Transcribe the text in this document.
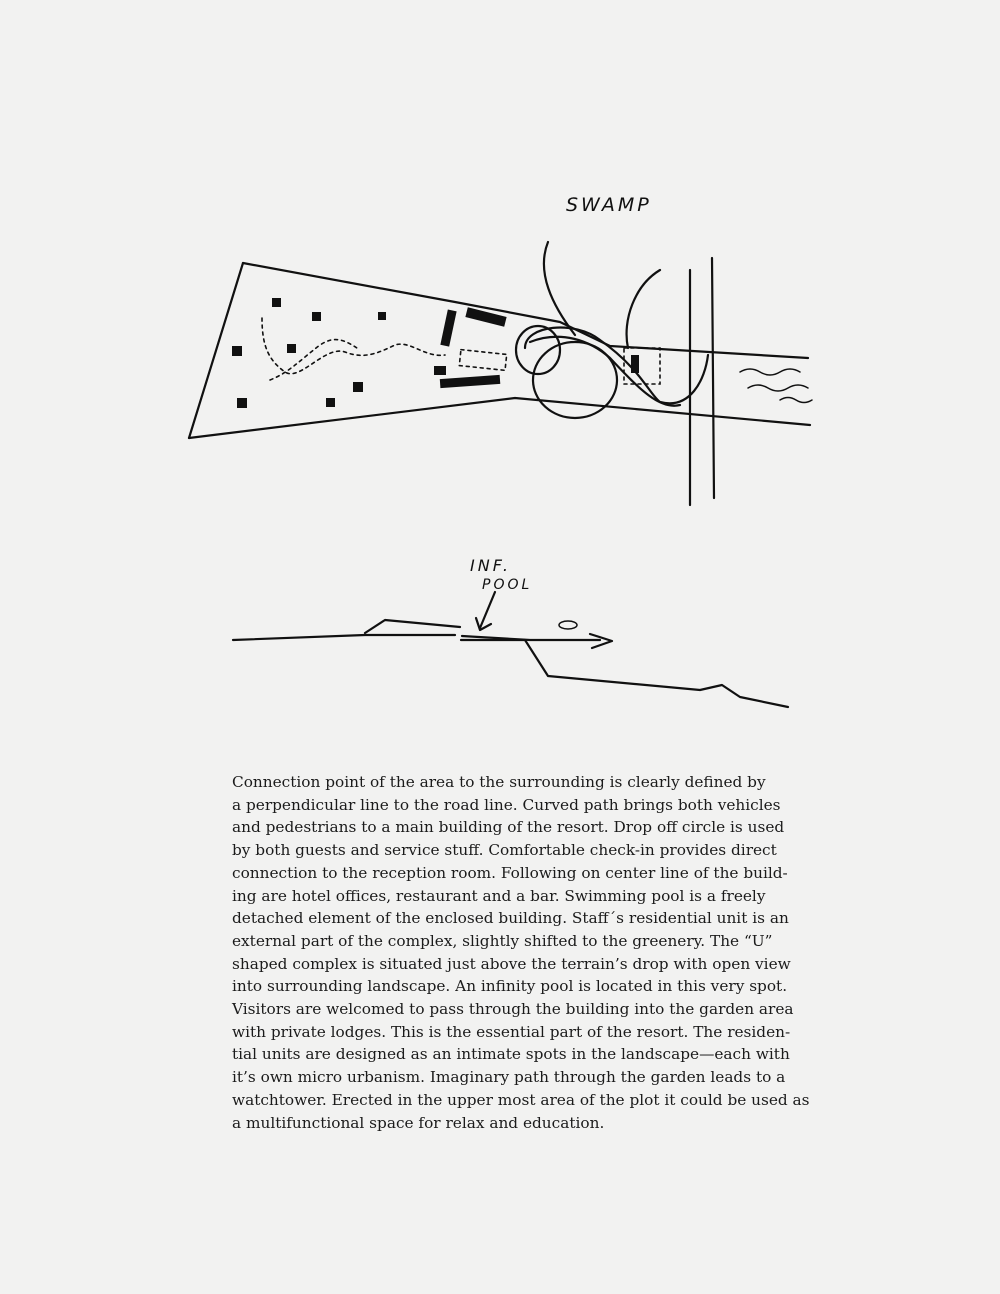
SWAMP
INF.
POOL

Connection point of the area to the surrounding is clearly defined by
a perpendicular line to the road line. Curved path brings both vehicles
and pedestrians to a main building of the resort. Drop off circle is used
by both guests and service stuff. Comfortable check-in provides direct
connection to the reception room. Following on center line of the build-
ing are hotel offices, restaurant and a bar. Swimming pool is a freely
detached element of the enclosed building. Staff´s residential unit is an
external part of the complex, slightly shifted to the greenery. The “U”
shaped complex is situated just above the terrain’s drop with open view
into surrounding landscape. An infinity pool is located in this very spot.
Visitors are welcomed to pass through the building into the garden area
with private lodges. This is the essential part of the resort. The residen-
tial units are designed as an intimate spots in the landscape—each with
it’s own micro urbanism. Imaginary path through the garden leads to a
watchtower. Erected in the upper most area of the plot it could be used as
a multifunctional space for relax and education.
